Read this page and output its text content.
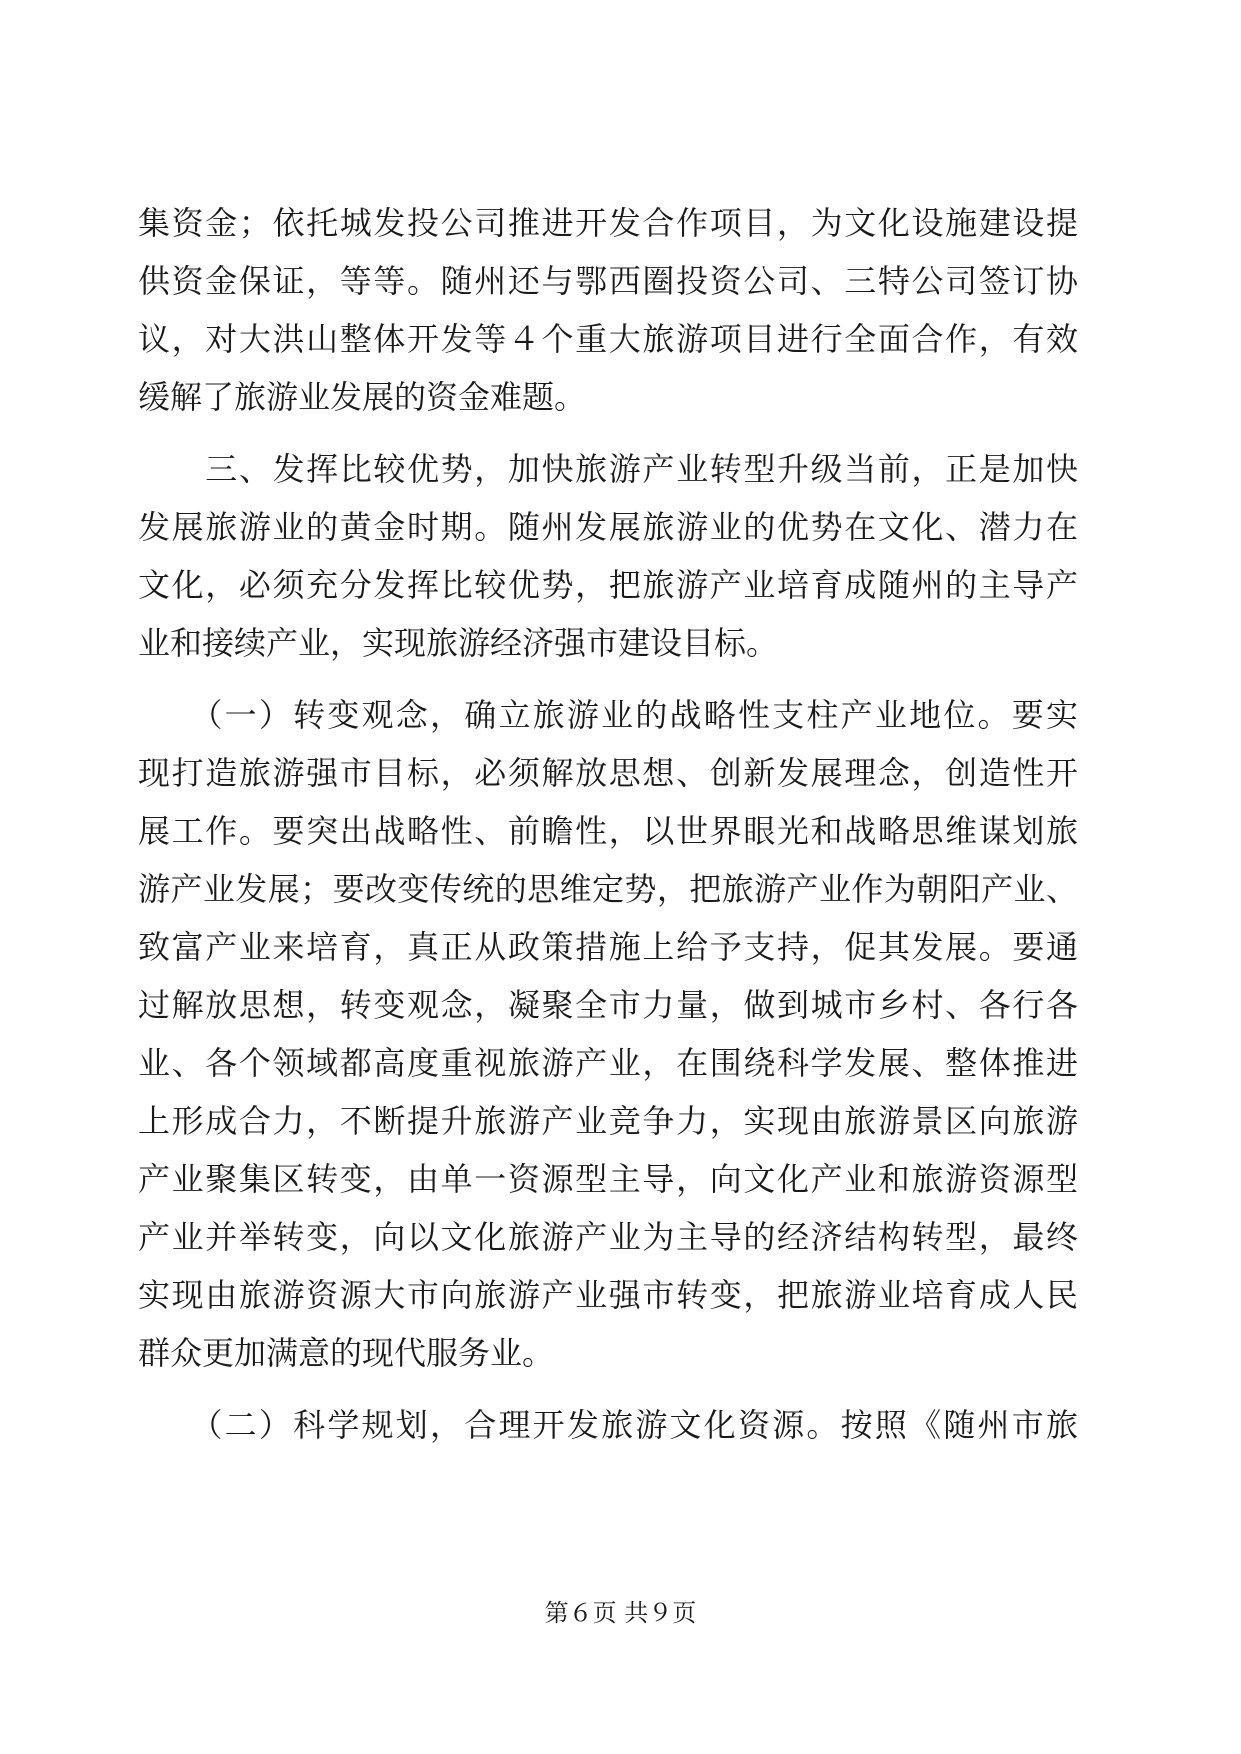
集资金；依托城发投公司推进开发合作项目，为文化设施建设提
供资金保证，等等。随州还与鄂西圈投资公司、三特公司签订协
议，对大洪山整体开发等４个重大旅游项目进行全面合作，有效
缓解了旅游业发展的资金难题。
　　三、发挥比较优势，加快旅游产业转型升级当前，正是加快
发展旅游业的黄金时期。随州发展旅游业的优势在文化、潜力在
文化，必须充分发挥比较优势，把旅游产业培育成随州的主导产
业和接续产业，实现旅游经济强市建设目标。
　　（一）转变观念，确立旅游业的战略性支柱产业地位。要实
现打造旅游强市目标，必须解放思想、创新发展理念，创造性开
展工作。要突出战略性、前瞻性，以世界眼光和战略思维谋划旅
游产业发展；要改变传统的思维定势，把旅游产业作为朝阳产业、
致富产业来培育，真正从政策措施上给予支持，促其发展。要通
过解放思想，转变观念，凝聚全市力量，做到城市乡村、各行各
业、各个领域都高度重视旅游产业，在围绕科学发展、整体推进
上形成合力，不断提升旅游产业竞争力，实现由旅游景区向旅游
产业聚集区转变，由单一资源型主导，向文化产业和旅游资源型
产业并举转变，向以文化旅游产业为主导的经济结构转型，最终
实现由旅游资源大市向旅游产业强市转变，把旅游业培育成人民
群众更加满意的现代服务业。
　　（二）科学规划，合理开发旅游文化资源。按照《随州市旅
第６页 共９页
